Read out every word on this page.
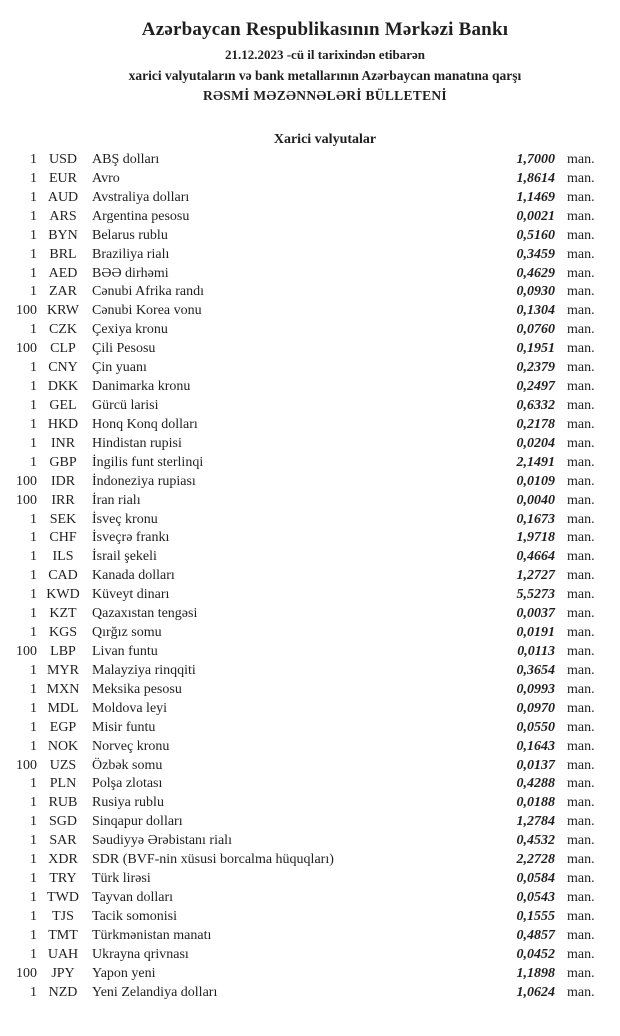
Azərbaycan Respublikasının Mərkəzi Bankı
21.12.2023 -cü il tarixindən etibarən
xarici valyutaların və bank metallarının Azərbaycan manatına qarşı
RƏSMİ MƏZƏNNƏLƏRİ BÜLLETENİ
Xarici valyutalar
1 USD	ABŞ dolları	1,7000 man.
1 EUR	Avro	1,8614 man.
1 AUD Avstraliya dolları	1,1469 man.
1 ARS	Argentina pesosu	0,0021 man.
1 BYN	Belarus rublu	0,5160 man.
1 BRL	Braziliya rialı	0,3459 man.
1 AED	BƏƏ dirhəmi	0,4629 man.
1 ZAR	Cənubi Afrika randı	0,0930 man.
100 KRW Cənubi Korea vonu	0,1304 man.
1 CZK	Çexiya kronu	0,0760 man.
100 CLP	Çili Pesosu	0,1951 man.
1 CNY	Çin yuanı	0,2379 man.
1 DKK Danimarka kronu	0,2497 man.
1 GEL	Gürcü larisi	0,6332 man.
1 HKD Honq Konq dolları	0,2178 man.
1 INR	Hindistan rupisi	0,0204 man.
1 GBP	İngilis funt sterlinqi	2,1491 man.
100 IDR	İndoneziya rupiası	0,0109 man.
100	IRR	İran rialı	0,0040 man.
1 SEK	İsveç kronu	0,1673 man.
1 CHF	İsveçrə frankı	1,9718 man.
1	ILS	İsrail şekeli	0,4664 man.
1 CAD	Kanada dolları	1,2727 man.
1 KWD Küveyt dinarı	5,5273 man.
1 KZT	Qazaxıstan tengəsi	0,0037 man.
1 KGS	Qırğız somu	0,0191 man.
100 LBP	Livan funtu	0,0113 man.
1 MYR Malayziya rinqqiti	0,3654 man.
1 MXN Meksika pesosu	0,0993 man.
1 MDL Moldova leyi	0,0970 man.
1 EGP	Misir funtu	0,0550 man.
1 NOK Norveç kronu	0,1643 man.
100 UZS	Özbək somu	0,0137 man.
1 PLN	Polşa zlotası	0,4288 man.
1 RUB	Rusiya rublu	0,0188 man.
1 SGD	Sinqapur dolları	1,2784 man.
1 SAR	Səudiyyə Ərəbistanı rialı	0,4532 man.
1 XDR	SDR (BVF-nin xüsusi borcalma hüquqları)	2,2728 man.
1 TRY	Türk lirəsi	0,0584 man.
1 TWD Tayvan dolları	0,0543 man.
1	TJS	Tacik somonisi	0,1555 man.
1 TMT	Türkmənistan manatı	0,4857 man.
1 UAH Ukrayna qrivnası	0,0452 man.
100	JPY	Yapon yeni	1,1898 man.
1 NZD	Yeni Zelandiya dolları	1,0624 man.
